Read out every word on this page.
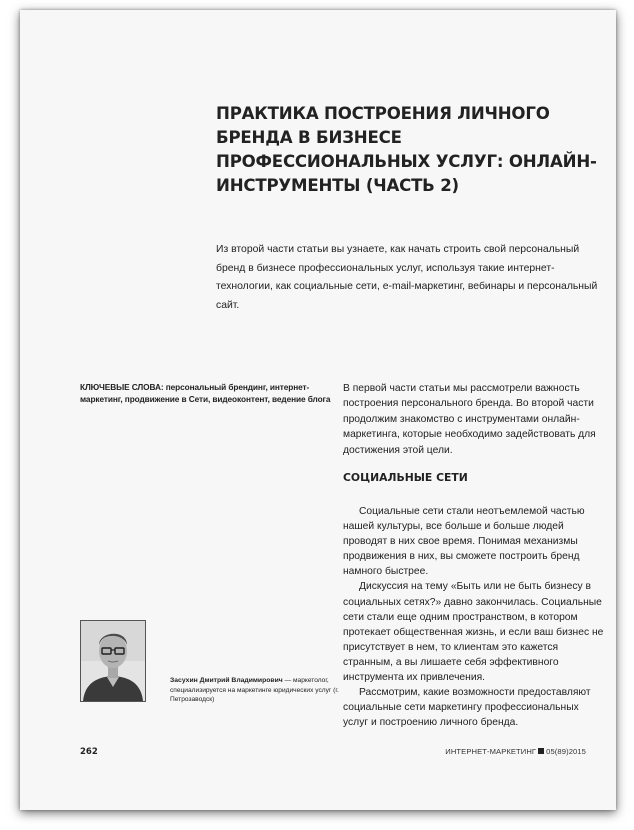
ПРАКТИКА ПОСТРОЕНИЯ ЛИЧНОГО БРЕНДА В БИЗНЕСЕ ПРОФЕССИОНАЛЬНЫХ УСЛУГ: ОНЛАЙН-ИНСТРУМЕНТЫ (ЧАСТЬ 2)

Из второй части статьи вы узнаете, как начать строить свой персональный бренд в бизнесе профессиональных услуг, используя такие интернет-технологии, как социальные сети, e-mail-маркетинг, вебинары и персональный сайт.

КЛЮЧЕВЫЕ СЛОВА: персональный брендинг, интернет-маркетинг, продвижение в Сети, видеоконтент, ведение блога

В первой части статьи мы рассмотрели важность построения персонального бренда. Во второй части продолжим знакомство с инструментами онлайн-маркетинга, которые необходимо задействовать для достижения этой цели.

СОЦИАЛЬНЫЕ СЕТИ

Социальные сети стали неотъемлемой частью нашей культуры, все больше и больше людей проводят в них свое время. Понимая механизмы продвижения в них, вы сможете построить бренд намного быстрее.

Дискуссия на тему «Быть или не быть бизнесу в социальных сетях?» давно закончилась. Социальные сети стали еще одним пространством, в котором протекает общественная жизнь, и если ваш бизнес не присутствует в нем, то клиентам это кажется странным, а вы лишаете себя эффективного инструмента их привлечения.

Рассмотрим, какие возможности предоставляют социальные сети маркетингу профессиональных услуг и построению личного бренда.

Засухин Дмитрий Владимирович — маркетолог, специализируется на маркетинге юридических услуг (г. Петрозаводск)

262	ИНТЕРНЕТ-МАРКЕТИНГ 05(89)2015
